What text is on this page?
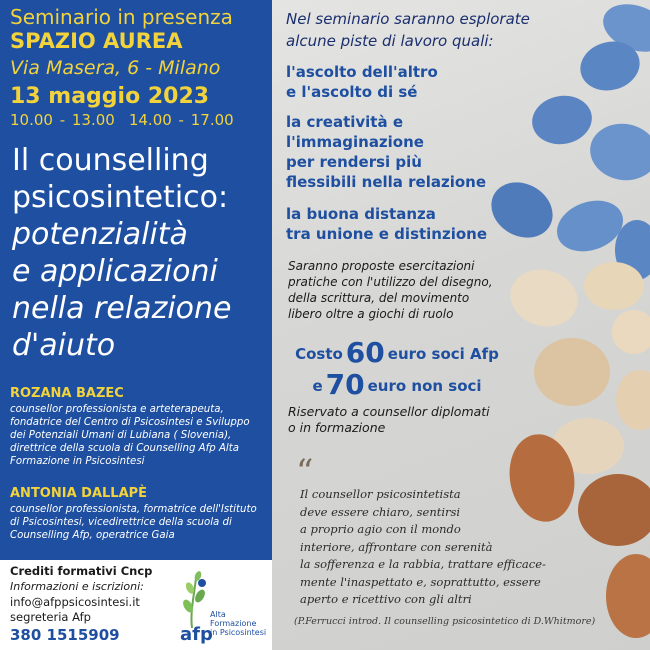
Seminario in presenza
SPAZIO AUREA
Via Masera, 6 - Milano
13 maggio 2023
10.00 - 13.00 14.00 - 17.00
Il counselling
psicosintetico:
potenzialità
e applicazioni
nella relazione
d'aiuto
ROZANA BAZEC
counsellor professionista e arteterapeuta, fondatrice del Centro di Psicosintesi e Sviluppo dei Potenziali Umani di Lubiana ( Slovenia), direttrice della scuola di Counselling Afp Alta Formazione in Psicosintesi
ANTONIA DALLAPÈ
counsellor professionista, formatrice dell'Istituto di Psicosintesi, vicedirettrice della scuola di Counselling Afp, operatrice Gaia
Crediti formativi Cncp
Informazioni e iscrizioni:
info@afppsicosintesi.it
segreteria Afp
380 1515909	afp
Alta Formazione
in Psicosintesi
Nel seminario saranno esplorate
alcune piste di lavoro quali:
l'ascolto dell'altro
e l'ascolto di sé
la creatività e
l'immaginazione
per rendersi più
flessibili nella relazione
la buona distanza
tra unione e distinzione
Saranno proposte esercitazioni
pratiche con l'utilizzo del disegno,
della scrittura, del movimento
libero oltre a giochi di ruolo
Costo 60 euro soci Afp
e 70 euro non soci
Riservato a counsellor diplomati
o in formazione
“
Il counsellor psicosintetista
deve essere chiaro, sentirsi
a proprio agio con il mondo
interiore, affrontare con serenità
la sofferenza e la rabbia, trattare efficace-
mente l'inaspettato e, soprattutto, essere
aperto e ricettivo con gli altri
(P.Ferrucci introd. Il counselling psicosintetico di D.Whitmore)
